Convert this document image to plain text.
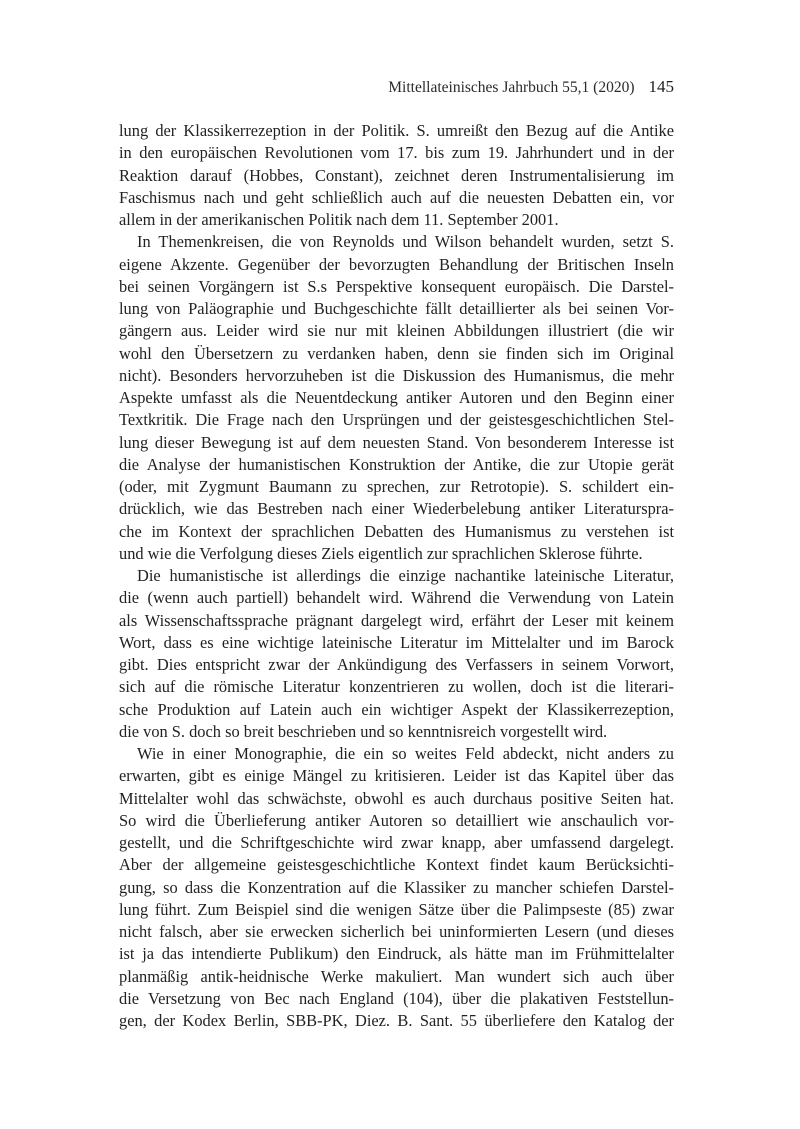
Mittellateinisches Jahrbuch 55,1 (2020) 145
lung der Klassikerrezeption in der Politik. S. umreißt den Bezug auf die Antike
in den europäischen Revolutionen vom 17. bis zum 19. Jahrhundert und in der
Reaktion darauf (Hobbes, Constant), zeichnet deren Instrumentalisierung im
Faschismus nach und geht schließlich auch auf die neuesten Debatten ein, vor
allem in der amerikanischen Politik nach dem 11. September 2001.
In Themenkreisen, die von Reynolds und Wilson behandelt wurden, setzt S.
eigene Akzente. Gegenüber der bevorzugten Behandlung der Britischen Inseln
bei seinen Vorgängern ist S.s Perspektive konsequent europäisch. Die Darstel-
lung von Paläographie und Buchgeschichte fällt detaillierter als bei seinen Vor-
gängern aus. Leider wird sie nur mit kleinen Abbildungen illustriert (die wir
wohl den Übersetzern zu verdanken haben, denn sie finden sich im Original
nicht). Besonders hervorzuheben ist die Diskussion des Humanismus, die mehr
Aspekte umfasst als die Neuentdeckung antiker Autoren und den Beginn einer
Textkritik. Die Frage nach den Ursprüngen und der geistesgeschichtlichen Stel-
lung dieser Bewegung ist auf dem neuesten Stand. Von besonderem Interesse ist
die Analyse der humanistischen Konstruktion der Antike, die zur Utopie gerät
(oder, mit Zygmunt Baumann zu sprechen, zur Retrotopie). S. schildert ein-
drücklich, wie das Bestreben nach einer Wiederbelebung antiker Literaturspra-
che im Kontext der sprachlichen Debatten des Humanismus zu verstehen ist
und wie die Verfolgung dieses Ziels eigentlich zur sprachlichen Sklerose führte.
Die humanistische ist allerdings die einzige nachantike lateinische Literatur,
die (wenn auch partiell) behandelt wird. Während die Verwendung von Latein
als Wissenschaftssprache prägnant dargelegt wird, erfährt der Leser mit keinem
Wort, dass es eine wichtige lateinische Literatur im Mittelalter und im Barock
gibt. Dies entspricht zwar der Ankündigung des Verfassers in seinem Vorwort,
sich auf die römische Literatur konzentrieren zu wollen, doch ist die literari-
sche Produktion auf Latein auch ein wichtiger Aspekt der Klassikerrezeption,
die von S. doch so breit beschrieben und so kenntnisreich vorgestellt wird.
Wie in einer Monographie, die ein so weites Feld abdeckt, nicht anders zu
erwarten, gibt es einige Mängel zu kritisieren. Leider ist das Kapitel über das
Mittelalter wohl das schwächste, obwohl es auch durchaus positive Seiten hat.
So wird die Überlieferung antiker Autoren so detailliert wie anschaulich vor-
gestellt, und die Schriftgeschichte wird zwar knapp, aber umfassend dargelegt.
Aber der allgemeine geistesgeschichtliche Kontext findet kaum Berücksichti-
gung, so dass die Konzentration auf die Klassiker zu mancher schiefen Darstel-
lung führt. Zum Beispiel sind die wenigen Sätze über die Palimpseste (85) zwar
nicht falsch, aber sie erwecken sicherlich bei uninformierten Lesern (und dieses
ist ja das intendierte Publikum) den Eindruck, als hätte man im Frühmittelalter
planmäßig antik-heidnische Werke makuliert. Man wundert sich auch über
die Versetzung von Bec nach England (104), über die plakativen Feststellun-
gen, der Kodex Berlin, SBB-PK, Diez. B. Sant. 55 überliefere den Katalog der
